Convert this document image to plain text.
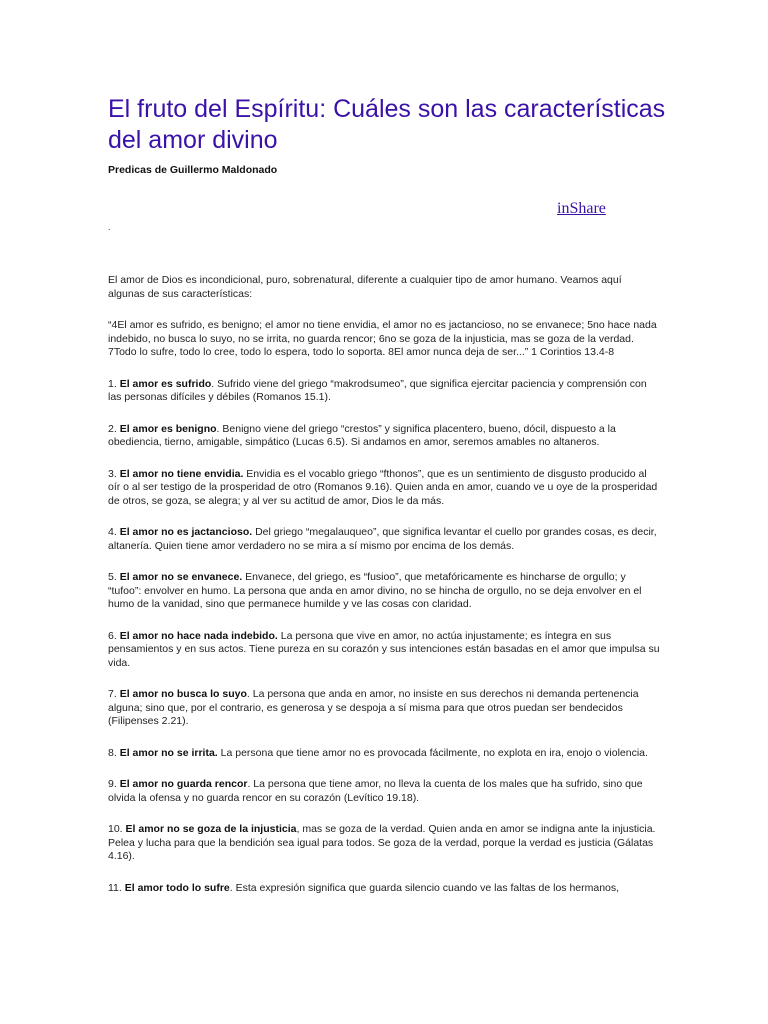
El fruto del Espíritu: Cuáles son las características del amor divino
Predicas de Guillermo Maldonado
inShare
.

El amor de Dios es incondicional, puro, sobrenatural, diferente a cualquier tipo de amor humano. Veamos aquí algunas de sus características:

“4El amor es sufrido, es benigno; el amor no tiene envidia, el amor no es jactancioso, no se envanece; 5no hace nada indebido, no busca lo suyo, no se irrita, no guarda rencor; 6no se goza de la injusticia, mas se goza de la verdad. 7Todo lo sufre, todo lo cree, todo lo espera, todo lo soporta. 8El amor nunca deja de ser...” 1 Corintios 13.4-8

1. El amor es sufrido. Sufrido viene del griego “makrodsumeo”, que significa ejercitar paciencia y comprensión con las personas difíciles y débiles (Romanos 15.1).

2. El amor es benigno. Benigno viene del griego “crestos” y significa placentero, bueno, dócil, dispuesto a la obediencia, tierno, amigable, simpático (Lucas 6.5). Si andamos en amor, seremos amables no altaneros.

3. El amor no tiene envidia. Envidia es el vocablo griego “fthonos”, que es un sentimiento de disgusto producido al oír o al ser testigo de la prosperidad de otro (Romanos 9.16). Quien anda en amor, cuando ve u oye de la prosperidad de otros, se goza, se alegra; y al ver su actitud de amor, Dios le da más.

4. El amor no es jactancioso. Del griego “megalauqueo”, que significa levantar el cuello por grandes cosas, es decir, altanería. Quien tiene amor verdadero no se mira a sí mismo por encima de los demás.

5. El amor no se envanece. Envanece, del griego, es “fusioo”, que metafóricamente es hincharse de orgullo; y “tufoo”: envolver en humo. La persona que anda en amor divino, no se hincha de orgullo, no se deja envolver en el humo de la vanidad, sino que permanece humilde y ve las cosas con claridad.

6. El amor no hace nada indebido. La persona que vive en amor, no actúa injustamente; es íntegra en sus pensamientos y en sus actos. Tiene pureza en su corazón y sus intenciones están basadas en el amor que impulsa su vida.

7. El amor no busca lo suyo. La persona que anda en amor, no insiste en sus derechos ni demanda pertenencia alguna; sino que, por el contrario, es generosa y se despoja a sí misma para que otros puedan ser bendecidos (Filipenses 2.21).

8. El amor no se irrita. La persona que tiene amor no es provocada fácilmente, no explota en ira, enojo o violencia.

9. El amor no guarda rencor. La persona que tiene amor, no lleva la cuenta de los males que ha sufrido, sino que olvida la ofensa y no guarda rencor en su corazón (Levítico 19.18).

10. El amor no se goza de la injusticia, mas se goza de la verdad. Quien anda en amor se indigna ante la injusticia. Pelea y lucha para que la bendición sea igual para todos. Se goza de la verdad, porque la verdad es justicia (Gálatas 4.16).

11. El amor todo lo sufre. Esta expresión significa que guarda silencio cuando ve las faltas de los hermanos,
